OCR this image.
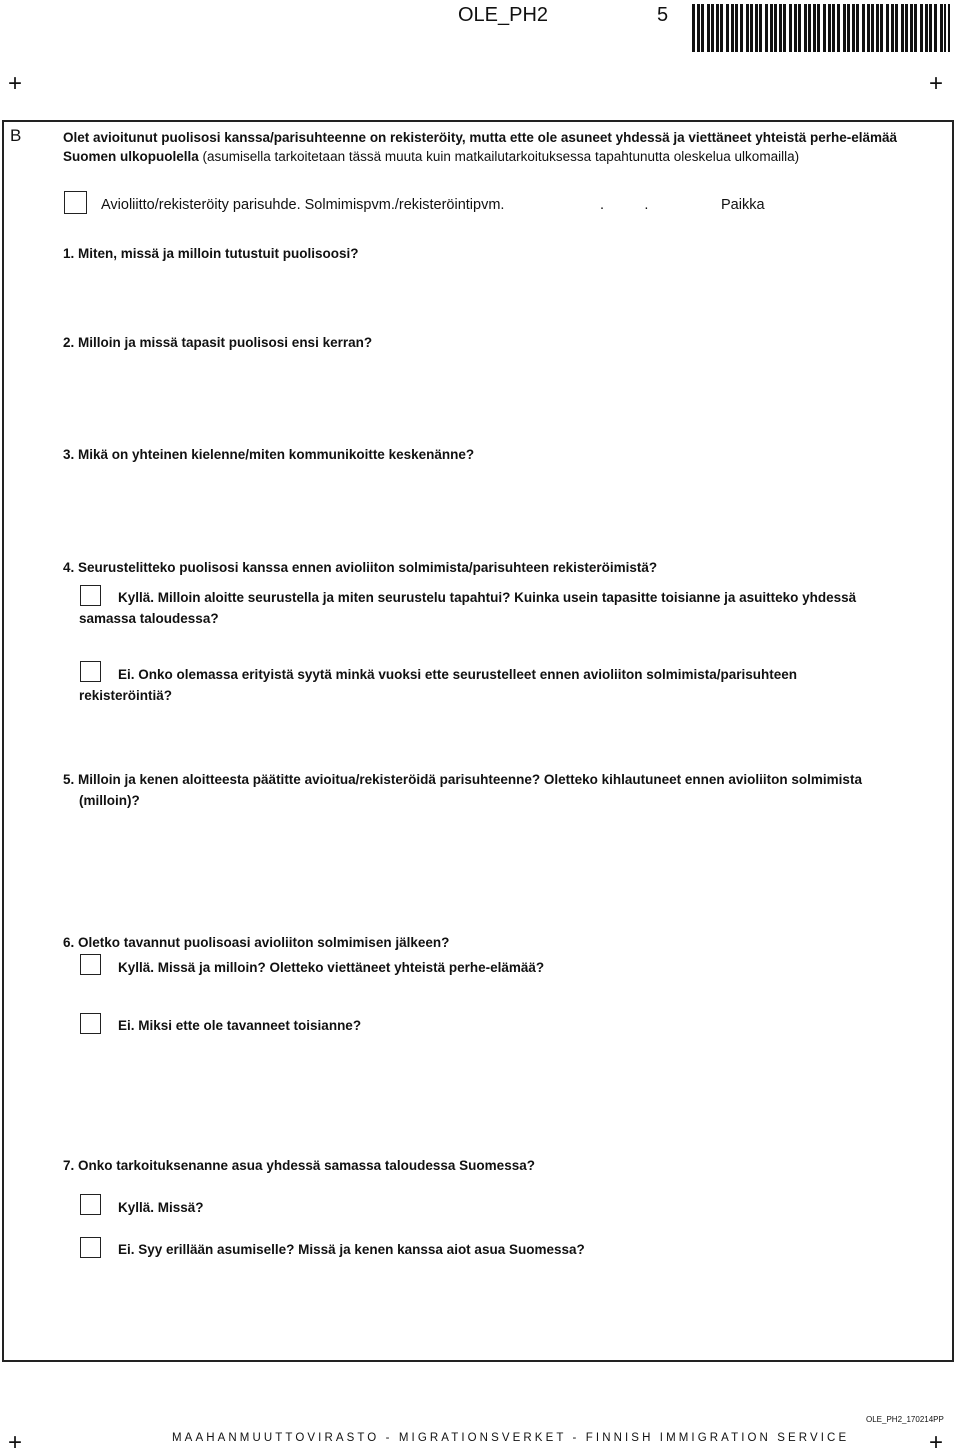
OLE_PH2	5
+	+
+	+
B	Olet avioitunut puolisosi kanssa/parisuhteenne on rekisteröity, mutta ette ole asuneet yhdessä ja viettäneet yhteistä perhe-elämää Suomen ulkopuolella (asumisella tarkoitetaan tässä muuta kuin matkailutarkoituksessa tapahtunutta oleskelua ulkomailla)
Avioliitto/rekisteröity parisuhde. Solmimispvm./rekisteröintipvm.	.          .	Paikka
1. Miten, missä ja milloin tutustuit puolisoosi?
2. Milloin ja missä tapasit puolisosi ensi kerran?
3. Mikä on yhteinen kielenne/miten kommunikoitte keskenänne?
4. Seurustelitteko puolisosi kanssa ennen avioliiton solmimista/parisuhteen rekisteröimistä?
Kyllä. Milloin aloitte seurustella ja miten seurustelu tapahtui? Kuinka usein tapasitte toisianne ja asuitteko yhdessä
samassa taloudessa?
Ei. Onko olemassa erityistä syytä minkä vuoksi ette seurustelleet ennen avioliiton solmimista/parisuhteen
rekisteröintiä?
5. Milloin ja kenen aloitteesta päätitte avioitua/rekisteröidä parisuhteenne? Oletteko kihlautuneet ennen avioliiton solmimista
(milloin)?
6. Oletko tavannut puolisoasi avioliiton solmimisen jälkeen?
Kyllä. Missä ja milloin? Oletteko viettäneet yhteistä perhe-elämää?
Ei. Miksi ette ole tavanneet toisianne?
7. Onko tarkoituksenanne asua yhdessä samassa taloudessa Suomessa?
Kyllä. Missä?
Ei. Syy erillään asumiselle? Missä ja kenen kanssa aiot asua Suomessa?
OLE_PH2_170214PP
MAAHANMUUTTOVIRASTO - MIGRATIONSVERKET - FINNISH IMMIGRATION SERVICE
